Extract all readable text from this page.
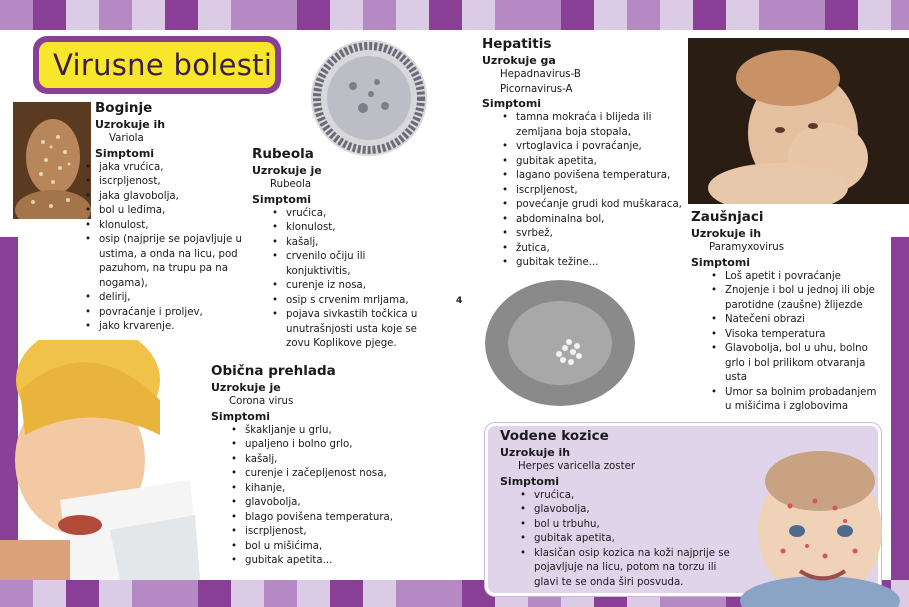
Virusne bolesti
Boginje
Uzrokuje ih
Variola
Simptomi
• jaka vrućica,
• iscrpljenost,
• jaka glavobolja,
• bol u leđima,
• klonulost,
• osip (najprije se pojavljuje u ustima, a onda na licu, pod pazuhom, na trupu pa na nogama),
• delirij,
• povraćanje i proljev,
• jako krvarenje.
Rubeola
Uzrokuje je
Rubeola
Simptomi
• vrućica,
• klonulost,
• kašalj,
• crvenilo očiju ili konjuktivitis,
• curenje iz nosa,
• osip s crvenim mrljama,
• pojava sivkastih točkica u unutrašnjosti usta koje se zovu Koplikove pjege.
Obična prehlada
Uzrokuje je
Corona virus
Simptomi
• škakljanje u grlu,
• upaljeno i bolno grlo,
• kašalj,
• curenje i začepljenost nosa,
• kihanje,
• glavobolja,
• blago povišena temperatura,
• iscrpljenost,
• bol u mišićima,
• gubitak apetita...
Hepatitis
Uzrokuje ga
Hepadnavirus-B
Picornavirus-A
Simptomi
• tamna mokraća i blijeda ili zemljana boja stopala,
• vrtoglavica i povraćanje,
• gubitak apetita,
• lagano povišena temperatura,
• iscrpljenost,
• povećanje grudi kod muškaraca,
• abdominalna bol,
• svrbež,
• žutica,
• gubitak težine...
4
Zaušnjaci
Uzrokuje ih
Paramyxovirus
Simptomi
• Loš apetit i povraćanje
• Znojenje i bol u jednoj ili obje parotidne (zaušne) žlijezde
• Natečeni obrazi
• Visoka temperatura
• Glavobolja, bol u uhu, bolno grlo i bol prilikom otvaranja usta
• Umor sa bolnim probadanjem u mišićima i zglobovima
Vodene kozice
Uzrokuje ih
Herpes varicella zoster
Simptomi
• vrućica,
• glavobolja,
• bol u trbuhu,
• gubitak apetita,
• klasičan osip kozica na koži najprije se pojavljuje na licu, potom na torzu ili glavi te se onda širi posvuda.
